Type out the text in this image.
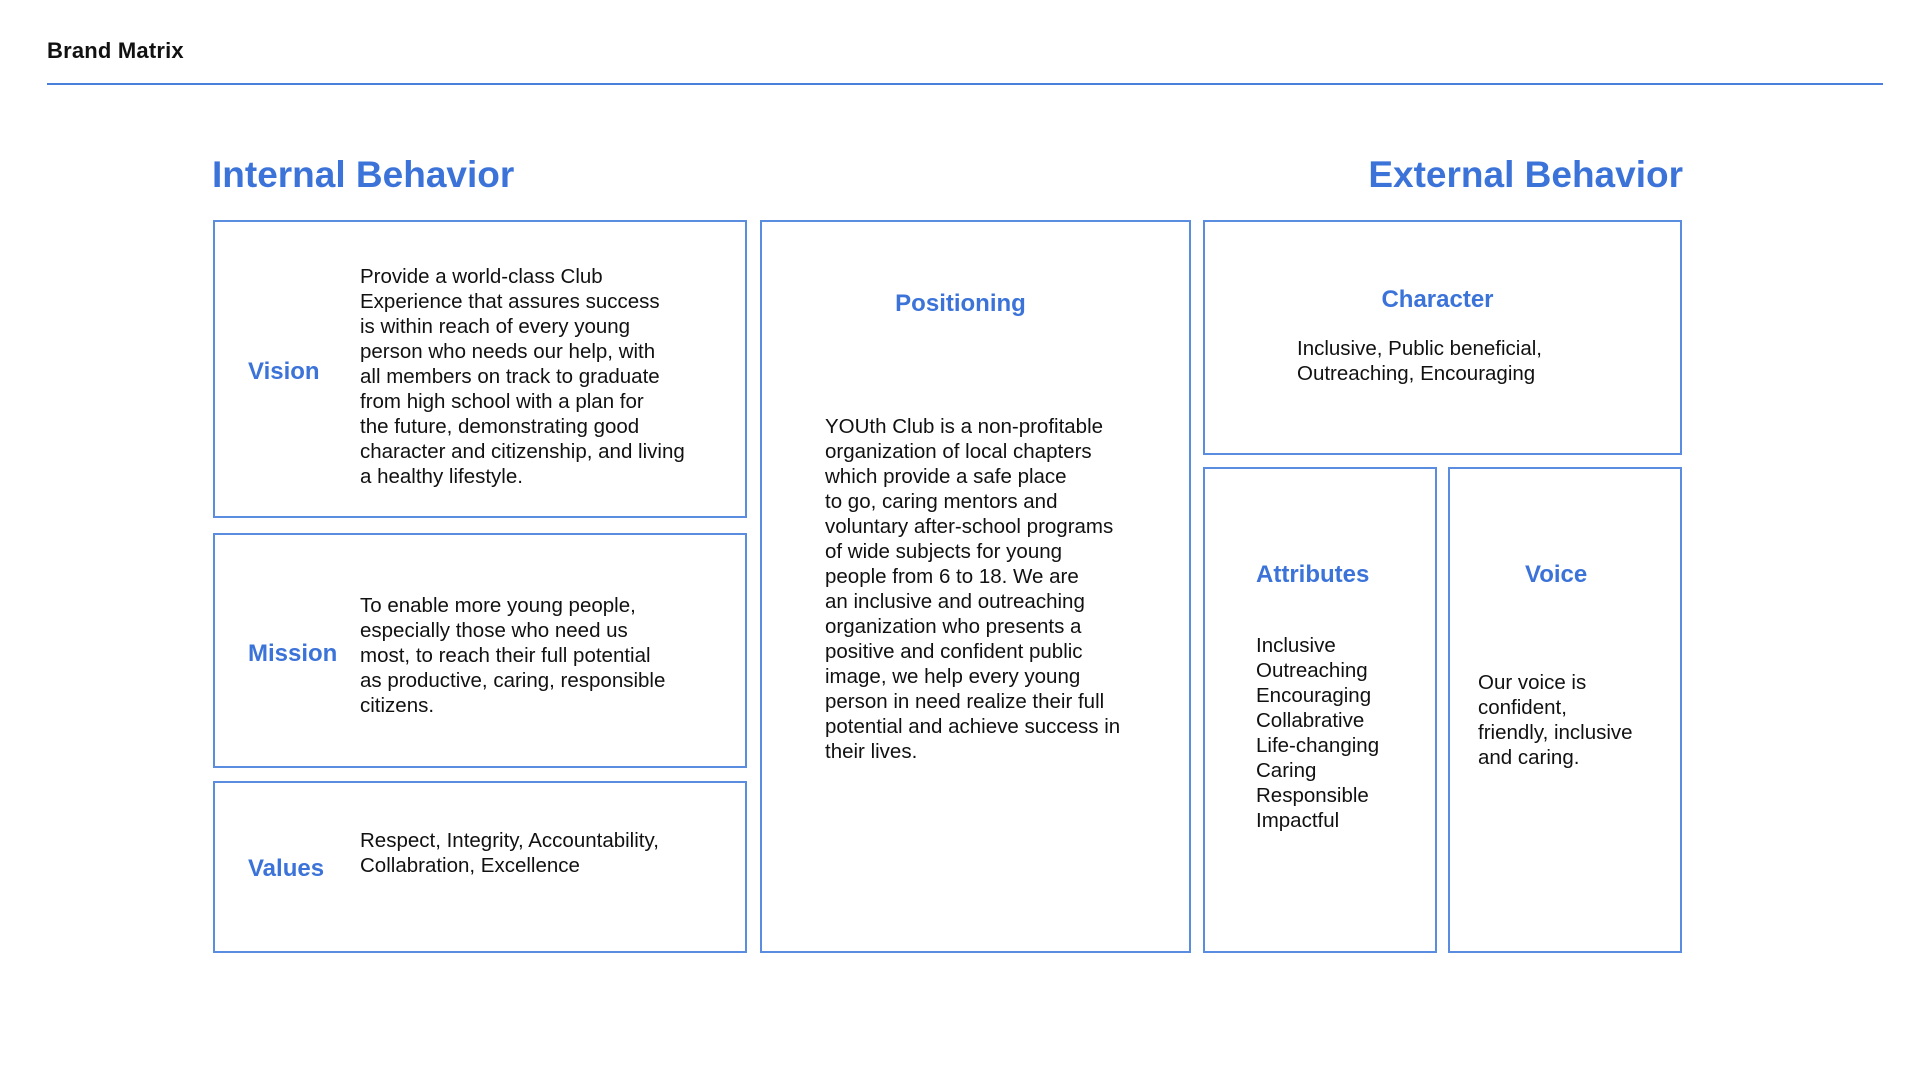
Brand Matrix
Internal Behavior	External Behavior
Vision
Provide a world-class Club
Experience that assures success
is within reach of every young
person who needs our help, with
all members on track to graduate
from high school with a plan for
the future, demonstrating good
character and citizenship, and living
a healthy lifestyle.
Mission
To enable more young people,
especially those who need us
most, to reach their full potential
as productive, caring, responsible
citizens.
Values
Respect, Integrity, Accountability,
Collabration, Excellence
Positioning
YOUth Club is a non-profitable
organization of local chapters
which provide a safe place
to go, caring mentors and
voluntary after-school programs
of wide subjects for young
people from 6 to 18. We are
an inclusive and outreaching
organization who presents a
positive and confident public
image, we help every young
person in need realize their full
potential and achieve success in
their lives.
Character
Inclusive, Public beneficial,
Outreaching, Encouraging
Attributes
Inclusive
Outreaching
Encouraging
Collabrative
Life-changing
Caring
Responsible
Impactful
Voice
Our voice is
confident,
friendly, inclusive
and caring.
